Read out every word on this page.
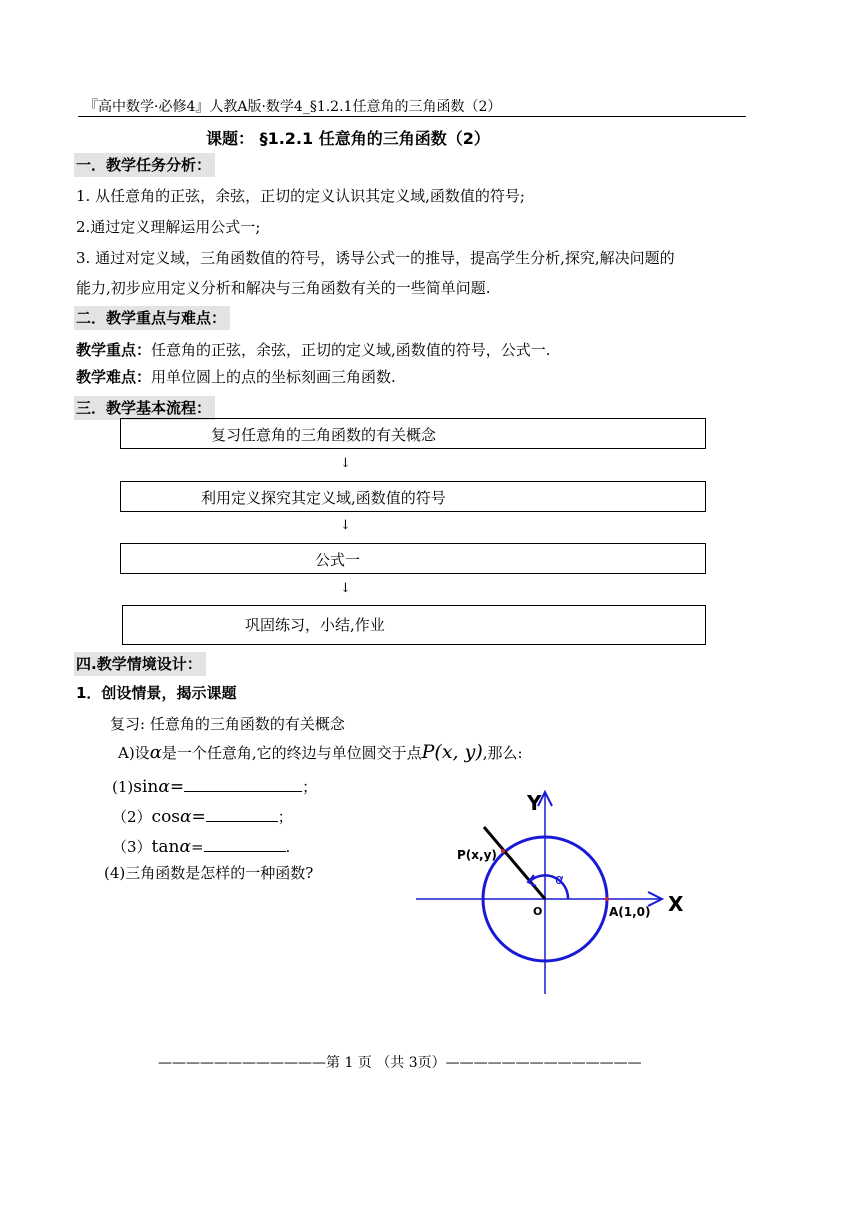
『高中数学·必修4』人教A版·数学4_§1.2.1任意角的三角函数（2）
课题： §1.2.1 任意角的三角函数（2）
一．教学任务分析：
1. 从任意角的正弦，余弦，正切的定义认识其定义域,函数值的符号;
2.通过定义理解运用公式一;
3. 通过对定义域，三角函数值的符号，诱导公式一的推导，提高学生分析,探究,解决问题的
能力,初步应用定义分析和解决与三角函数有关的一些简单问题.
二．教学重点与难点：
教学重点：任意角的正弦，余弦，正切的定义域,函数值的符号，公式一.
教学难点：用单位圆上的点的坐标刻画三角函数.
三．教学基本流程：
复习任意角的三角函数的有关概念
↓
利用定义探究其定义域,函数值的符号
↓
公式一
↓
巩固练习，小结,作业
四.教学情境设计：
1．创设情景，揭示课题
复习: 任意角的三角函数的有关概念
A)设α是一个任意角,它的终边与单位圆交于点P(x, y),那么:
(1)sinα=	；
（2）cosα=	；
（3）tanα=	.
(4)三角函数是怎样的一种函数?
Y
X
P(x,y)
O	A(1,0)
α
————————————第 1 页 （共 3页）——————————————
